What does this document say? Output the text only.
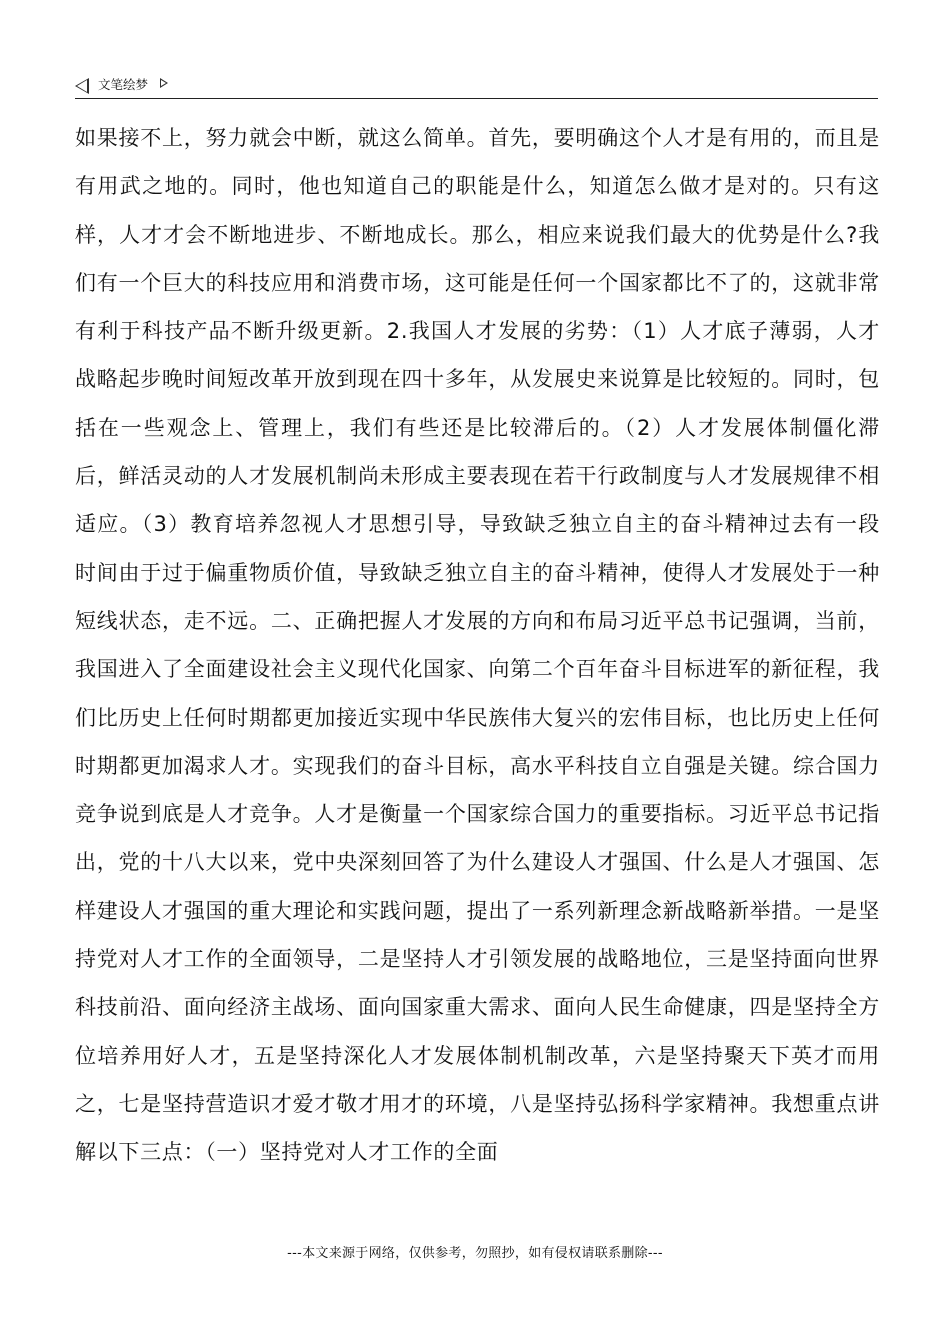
文笔绘梦

如果接不上，努力就会中断，就这么简单。首先，要明确这个人才是有用的，而且是有用武之地的。同时，他也知道自己的职能是什么，知道怎么做才是对的。只有这样，人才才会不断地进步、不断地成长。那么，相应来说我们最大的优势是什么?我们有一个巨大的科技应用和消费市场，这可能是任何一个国家都比不了的，这就非常有利于科技产品不断升级更新。2.我国人才发展的劣势：（1）人才底子薄弱，人才战略起步晚时间短改革开放到现在四十多年，从发展史来说算是比较短的。同时，包括在一些观念上、管理上，我们有些还是比较滞后的。（2）人才发展体制僵化滞后，鲜活灵动的人才发展机制尚未形成主要表现在若干行政制度与人才发展规律不相适应。（3）教育培养忽视人才思想引导，导致缺乏独立自主的奋斗精神过去有一段时间由于过于偏重物质价值，导致缺乏独立自主的奋斗精神，使得人才发展处于一种短线状态，走不远。二、正确把握人才发展的方向和布局习近平总书记强调，当前，我国进入了全面建设社会主义现代化国家、向第二个百年奋斗目标进军的新征程，我们比历史上任何时期都更加接近实现中华民族伟大复兴的宏伟目标，也比历史上任何时期都更加渴求人才。实现我们的奋斗目标，高水平科技自立自强是关键。综合国力竞争说到底是人才竞争。人才是衡量一个国家综合国力的重要指标。习近平总书记指出，党的十八大以来，党中央深刻回答了为什么建设人才强国、什么是人才强国、怎样建设人才强国的重大理论和实践问题，提出了一系列新理念新战略新举措。一是坚持党对人才工作的全面领导，二是坚持人才引领发展的战略地位，三是坚持面向世界科技前沿、面向经济主战场、面向国家重大需求、面向人民生命健康，四是坚持全方位培养用好人才，五是坚持深化人才发展体制机制改革，六是坚持聚天下英才而用之，七是坚持营造识才爱才敬才用才的环境，八是坚持弘扬科学家精神。我想重点讲解以下三点：（一）坚持党对人才工作的全面

---本文来源于网络，仅供参考，勿照抄，如有侵权请联系删除---
